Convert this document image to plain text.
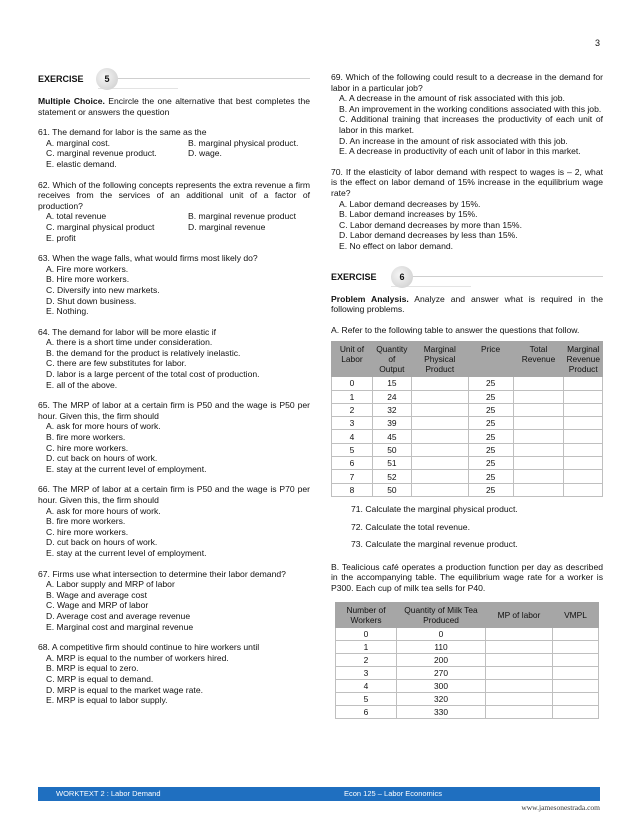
3
EXERCISE	5

Multiple Choice. Encircle the one alternative that best completes the statement or answers the question

61. The demand for labor is the same as the

A. marginal cost.	B. marginal physical product.
C. marginal revenue product.	D. wage.
E. elastic demand.

62. Which of the following concepts represents the extra revenue a firm receives from the services of an additional unit of a factor of production?

A. total revenue	B. marginal revenue product
C. marginal physical product	D. marginal revenue
E. profit

63. When the wage falls, what would firms most likely do?

A. Fire more workers.
B. Hire more workers.
C. Diversify into new markets.
D. Shut down business.
E. Nothing.

64. The demand for labor will be more elastic if

A. there is a short time under consideration.
B. the demand for the product is relatively inelastic.
C. there are few substitutes for labor.
D. labor is a large percent of the total cost of production.
E. all of the above.

65. The MRP of labor at a certain firm is P50 and the wage is P50 per hour. Given this, the firm should

A. ask for more hours of work.
B. fire more workers.
C. hire more workers.
D. cut back on hours of work.
E. stay at the current level of employment.

66. The MRP of labor at a certain firm is P50 and the wage is P70 per hour. Given this, the firm should

A. ask for more hours of work.
B. fire more workers.
C. hire more workers.
D. cut back on hours of work.
E. stay at the current level of employment.

67. Firms use what intersection to determine their labor demand?

A. Labor supply and MRP of labor
B. Wage and average cost
C. Wage and MRP of labor
D. Average cost and average revenue
E. Marginal cost and marginal revenue

68. A competitive firm should continue to hire workers until

A. MRP is equal to the number of workers hired.
B. MRP is equal to zero.
C. MRP is equal to demand.
D. MRP is equal to the market wage rate.
E. MRP is equal to labor supply.

69. Which of the following could result to a decrease in the demand for labor in a particular job?

A. A decrease in the amount of risk associated with this job.
B. An improvement in the working conditions associated with this job.
C. Additional training that increases the productivity of each unit of labor in this market.
D. An increase in the amount of risk associated with this job.
E. A decrease in productivity of each unit of labor in this market.

70. If the elasticity of labor demand with respect to wages is – 2, what is the effect on labor demand of 15% increase in the equilibrium wage rate?

A. Labor demand decreases by 15%.
B. Labor demand increases by 15%.
C. Labor demand decreases by more than 15%.
D. Labor demand decreases by less than 15%.
E. No effect on labor demand.
EXERCISE	6

Problem Analysis. Analyze and answer what is required in the following problems.

A. Refer to the following table to answer the questions that follow.

Unit of Labor	Quantity of Output	Marginal Physical Product	Price	Total Revenue	Marginal Revenue Product
0	15		25		
1	24		25		
2	32		25		
3	39		25		
4	45		25		
5	50		25		
6	51		25		
7	52		25		
8	50		25		
71. Calculate the marginal physical product.
72. Calculate the total revenue.
73. Calculate the marginal revenue product.

B. Tealicious café operates a production function per day as described in the accompanying table. The equilibrium wage rate for a worker is P300. Each cup of milk tea sells for P40.

Number of Workers	Quantity of Milk Tea Produced	MP of labor	VMPL
0	0		
1	110		
2	200		
3	270		
4	300		
5	320		
6	330		
WORKTEXT 2 : Labor Demand	Econ 125 – Labor Economics
www.jamesonestrada.com
